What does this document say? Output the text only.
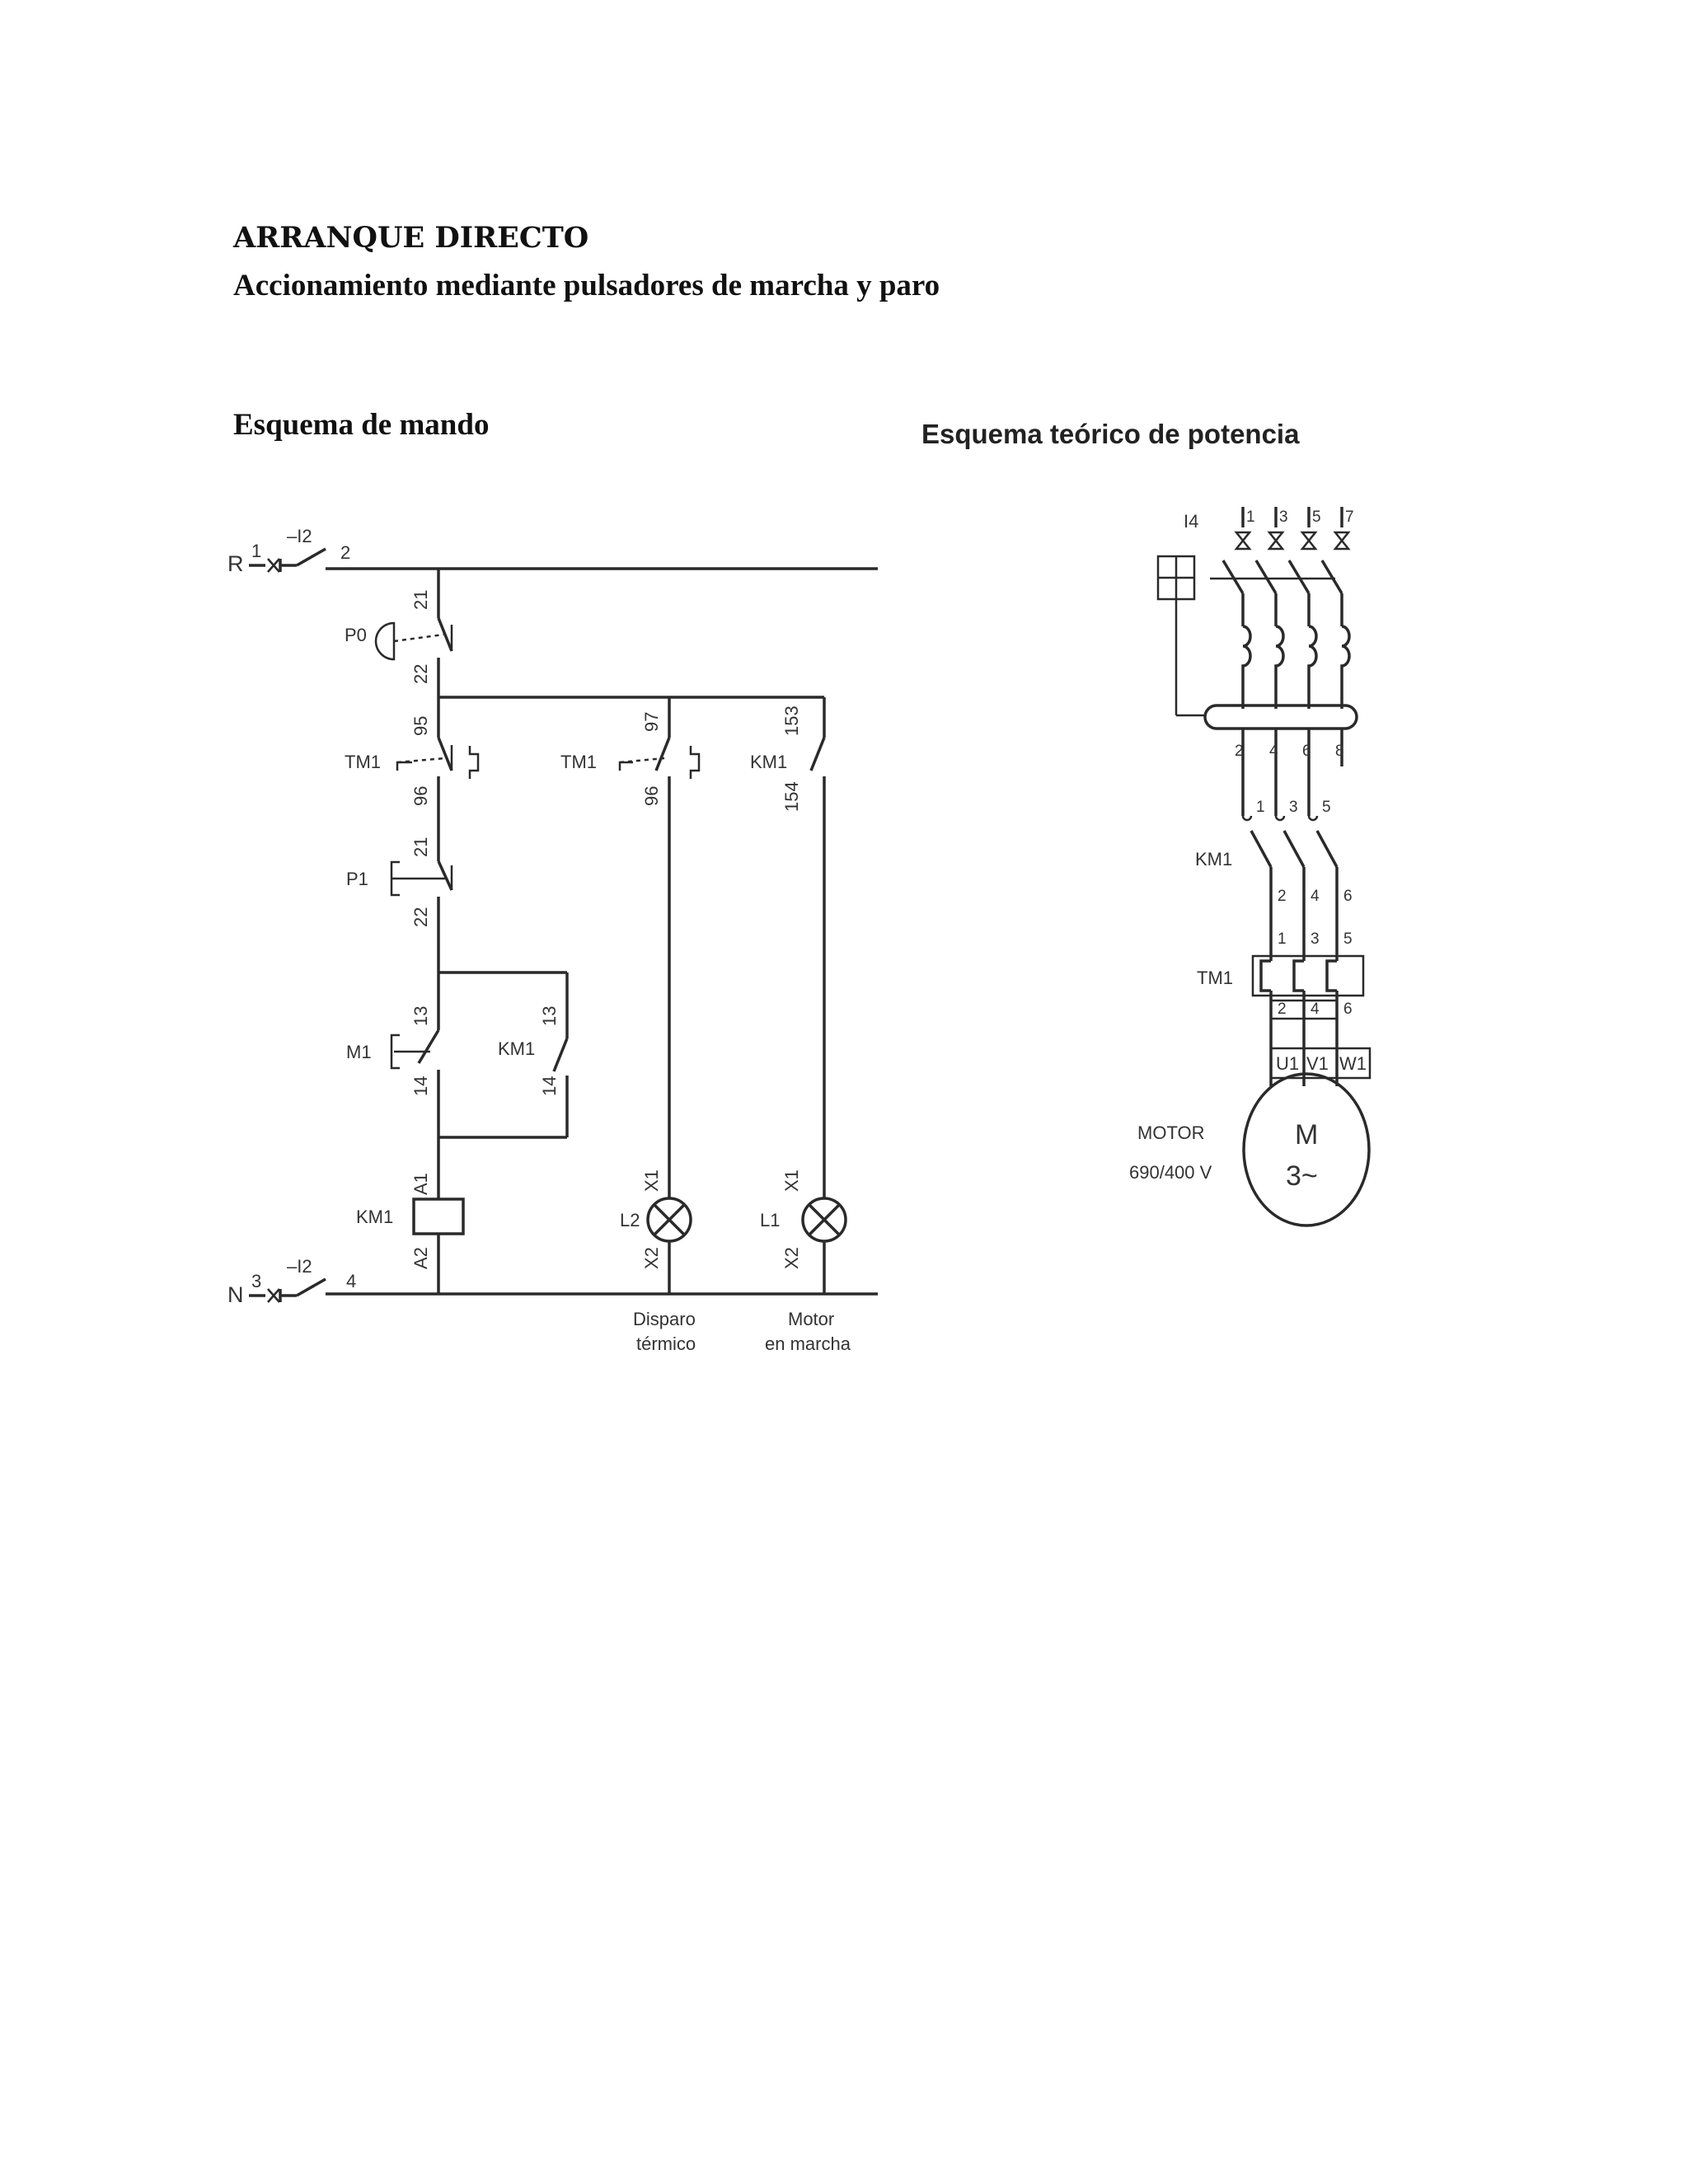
ARRANQUE DIRECTO
Accionamiento mediante pulsadores de marcha y paro
Esquema de mando	Esquema teórico de potencia
R
1
–I2
2
P0
21
22
TM1
95
96
P1
21
22
M1
13
14
KM1
13
14
KM1
A1
A2
TM1
97
96
L2
X1
X2
Disparo
térmico
KM1
153
154
L1
X1
X2
Motor
en marcha
N
3
–I2
4
I4	1 3 5 7
2 4 6 8
1 3 5
KM1
2 4 6
1 3 5
TM1
2 4 6
U1 V1 W1
M
3~
MOTOR
690/400 V
